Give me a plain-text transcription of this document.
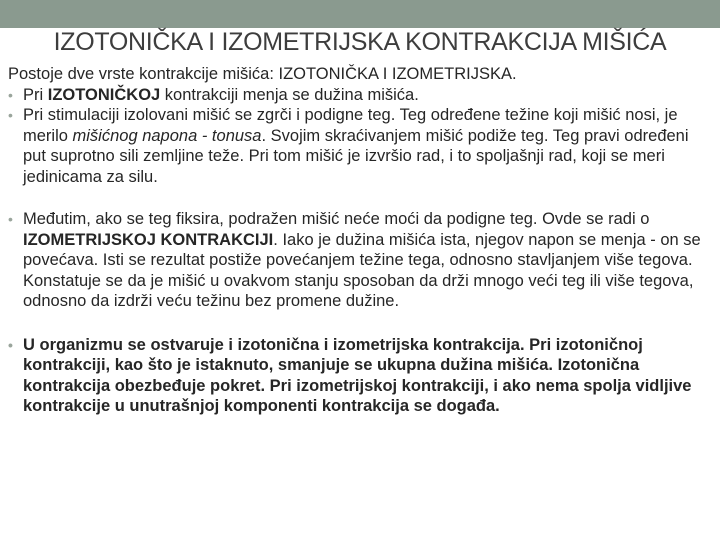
IZOTONIČKA I IZOMETRIJSKA KONTRAKCIJA MIŠIĆA

Postoje dve vrste kontrakcije mišića: IZOTONIČKA I IZOMETRIJSKA.

• Pri IZOTONIČKOJ kontrakciji menja se dužina mišića.

• Pri stimulaciji izolovani mišić se zgrči i podigne teg. Teg određene težine koji mišić nosi, je merilo mišićnog napona - tonusa. Svojim skraćivanjem mišić podiže teg. Teg pravi određeni put suprotno sili zemljine teže. Pri tom mišić je izvršio rad, i to spoljašnji rad, koji se meri jedinicama za silu.

• Međutim, ako se teg fiksira, podražen mišić neće moći da podigne teg. Ovde se radi o IZOMETRIJSKOJ KONTRAKCIJI. Iako je dužina mišića ista, njegov napon se menja - on se povećava. Isti se rezultat postiže povećanjem težine tega, odnosno stavljanjem više tegova. Konstatuje se da je mišić u ovakvom stanju sposoban da drži mnogo veći teg ili više tegova, odnosno da izdrži veću težinu bez promene dužine.

• U organizmu se ostvaruje i izotonična i izometrijska kontrakcija. Pri izotoničnoj kontrakciji, kao što je istaknuto, smanjuje se ukupna dužina mišića. Izotonična kontrakcija obezbeđuje pokret. Pri izometrijskoj kontrakciji, i ako nema spolja vidljive kontrakcije u unutrašnjoj komponenti kontrakcija se događa.
